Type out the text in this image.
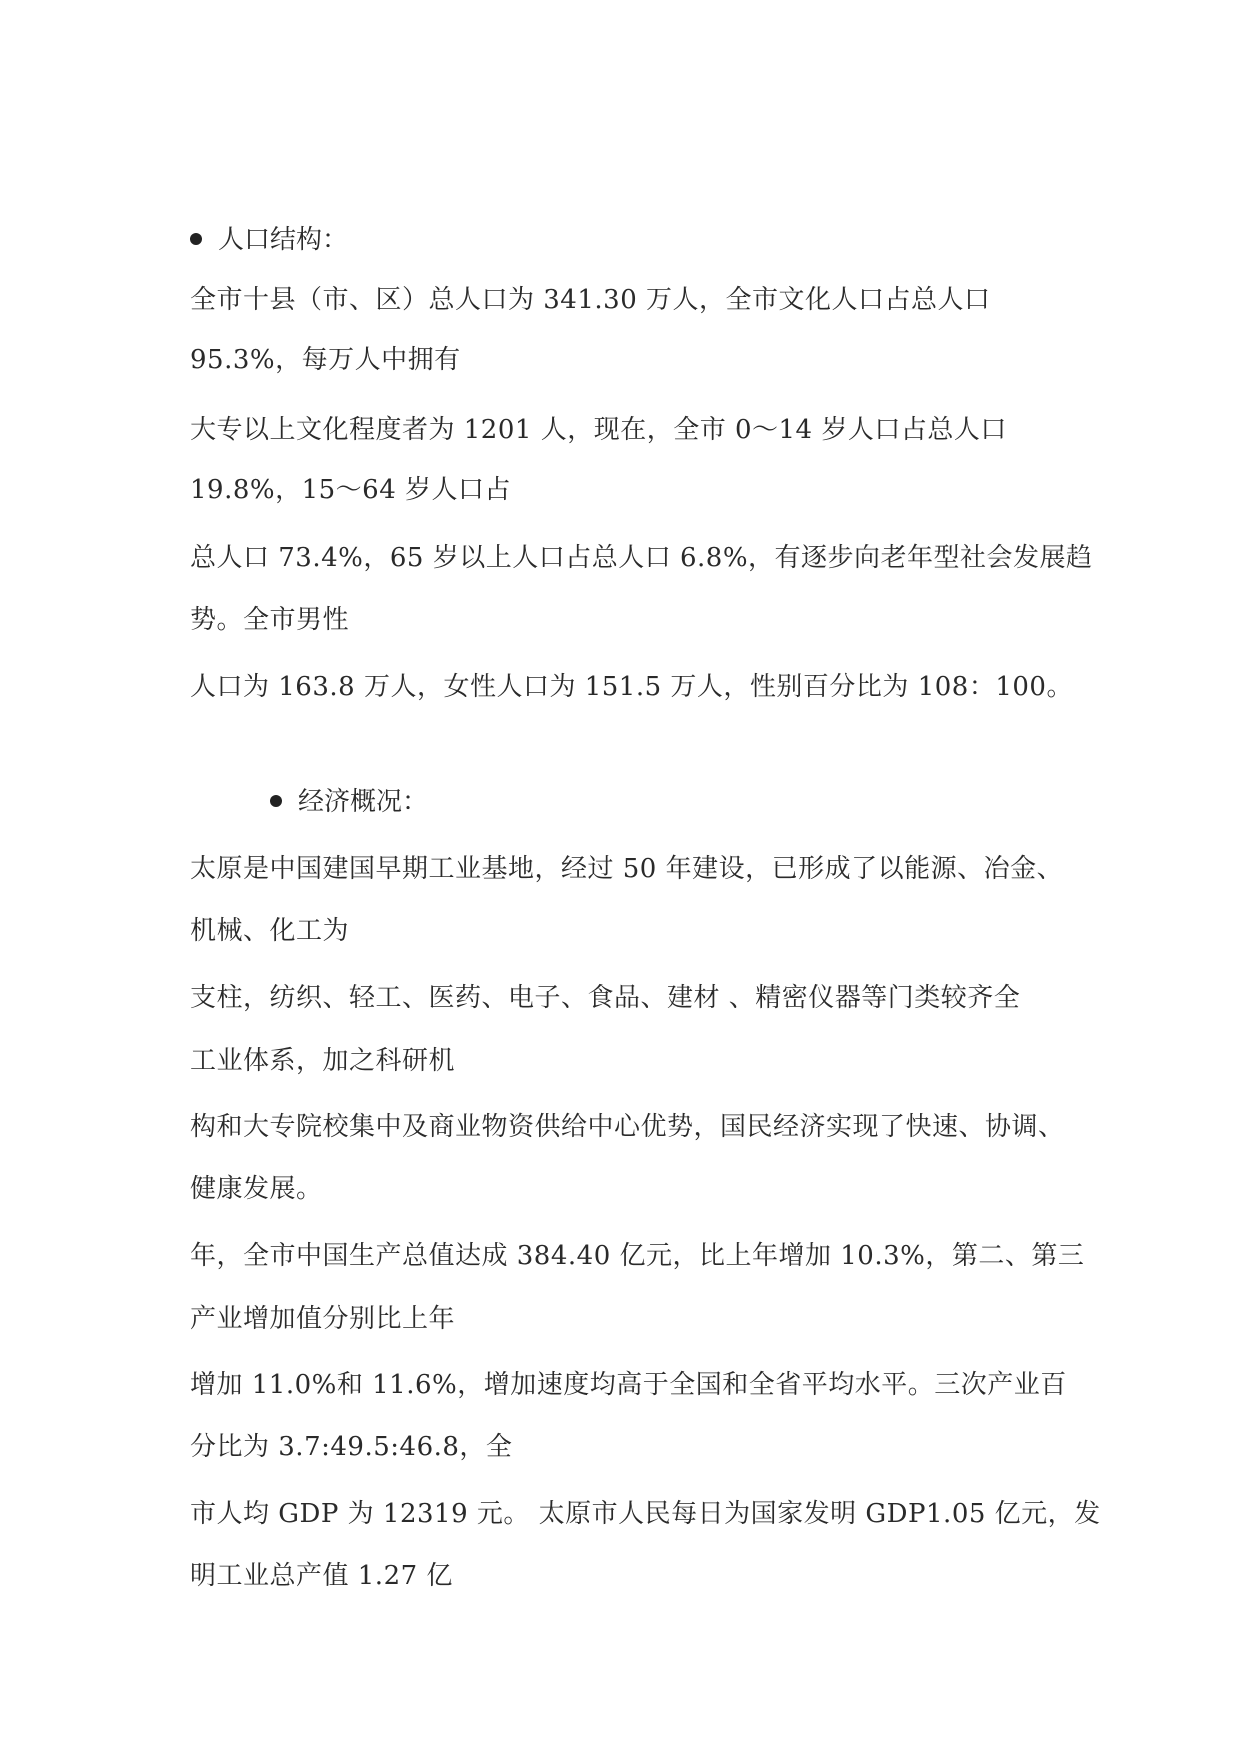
人口结构：
全市十县（市、区）总人口为 341.30 万人，全市文化人口占总人口
95.3%，每万人中拥有
大专以上文化程度者为 1201 人，现在，全市 0～14 岁人口占总人口
19.8%，15～64 岁人口占
总人口 73.4%，65 岁以上人口占总人口 6.8%，有逐步向老年型社会发展趋
势。全市男性
人口为 163.8 万人，女性人口为 151.5 万人，性别百分比为 108：100。
经济概况：
太原是中国建国早期工业基地，经过 50 年建设，已形成了以能源、冶金、
机械、化工为
支柱，纺织、轻工、医药、电子、食品、建材 、精密仪器等门类较齐全
工业体系，加之科研机
构和大专院校集中及商业物资供给中心优势，国民经济实现了快速、协调、
健康发展。
年，全市中国生产总值达成 384.40 亿元，比上年增加 10.3%，第二、第三
产业增加值分别比上年
增加 11.0%和 11.6%，增加速度均高于全国和全省平均水平。三次产业百
分比为 3.7:49.5:46.8，全
市人均 GDP 为 12319 元。 太原市人民每日为国家发明 GDP1.05 亿元，发
明工业总产值 1.27 亿
